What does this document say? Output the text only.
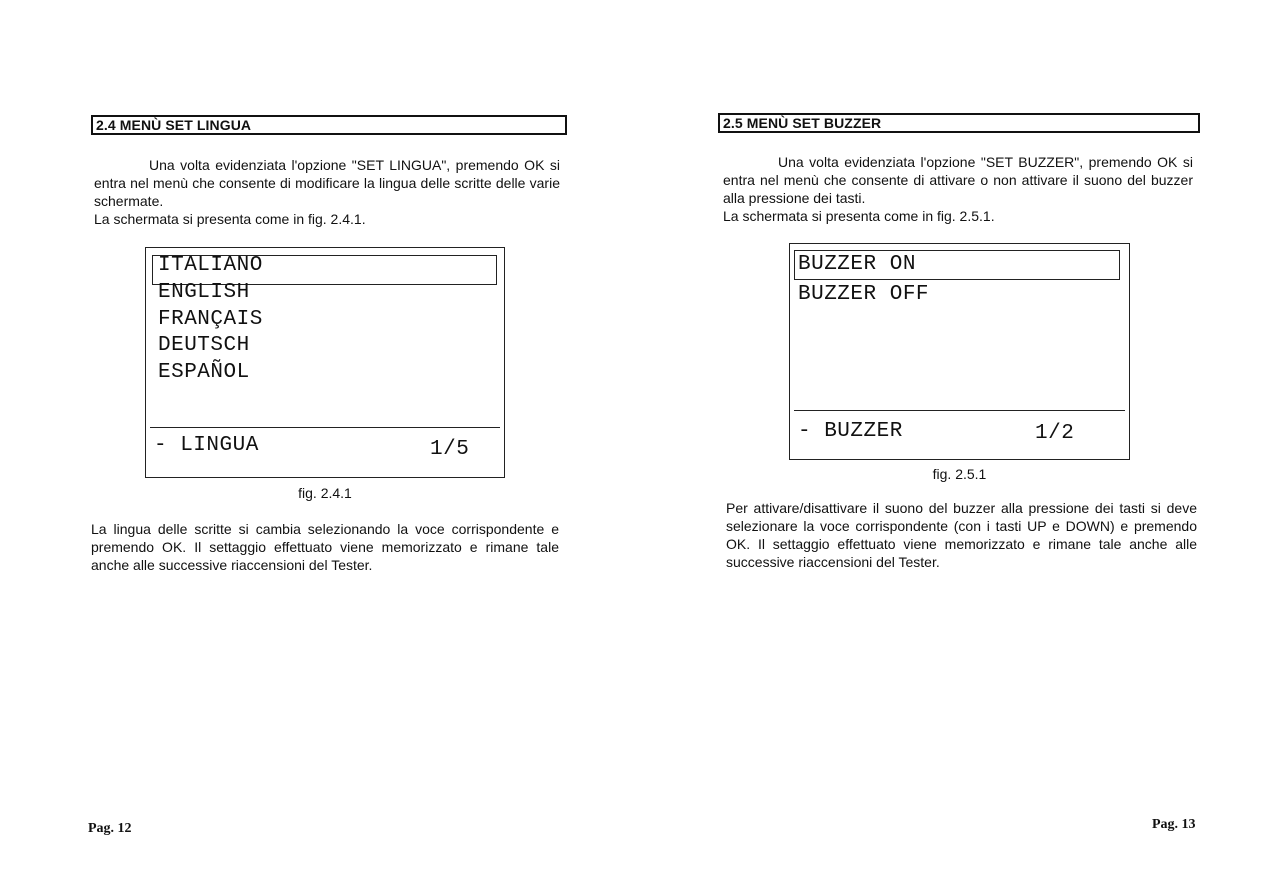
2.4 MENÙ SET LINGUA

Una volta evidenziata l'opzione "SET LINGUA", premendo OK si entra nel menù che consente di modificare la lingua delle scritte delle varie schermate.

La schermata si presenta come in fig. 2.4.1.

ITALIANO
ENGLISH
FRANÇAIS
DEUTSCH
ESPAÑOL
- LINGUA	1/5
fig. 2.4.1

La lingua delle scritte si cambia selezionando la voce corrispondente e premendo OK. Il settaggio effettuato viene memorizzato e rimane tale anche alle successive riaccensioni del Tester.

Pag. 12
2.5 MENÙ SET BUZZER

Una volta evidenziata l'opzione "SET BUZZER", premendo OK si entra nel menù che consente di attivare o non attivare il suono del buzzer alla pressione dei tasti.

La schermata si presenta come in fig. 2.5.1.

BUZZER ON
BUZZER OFF
- BUZZER	1/2
fig. 2.5.1

Per attivare/disattivare il suono del buzzer alla pressione dei tasti si deve selezionare la voce corrispondente (con i tasti UP e DOWN) e premendo OK. Il settaggio effettuato viene memorizzato e rimane tale anche alle successive riaccensioni del Tester.

Pag. 13
